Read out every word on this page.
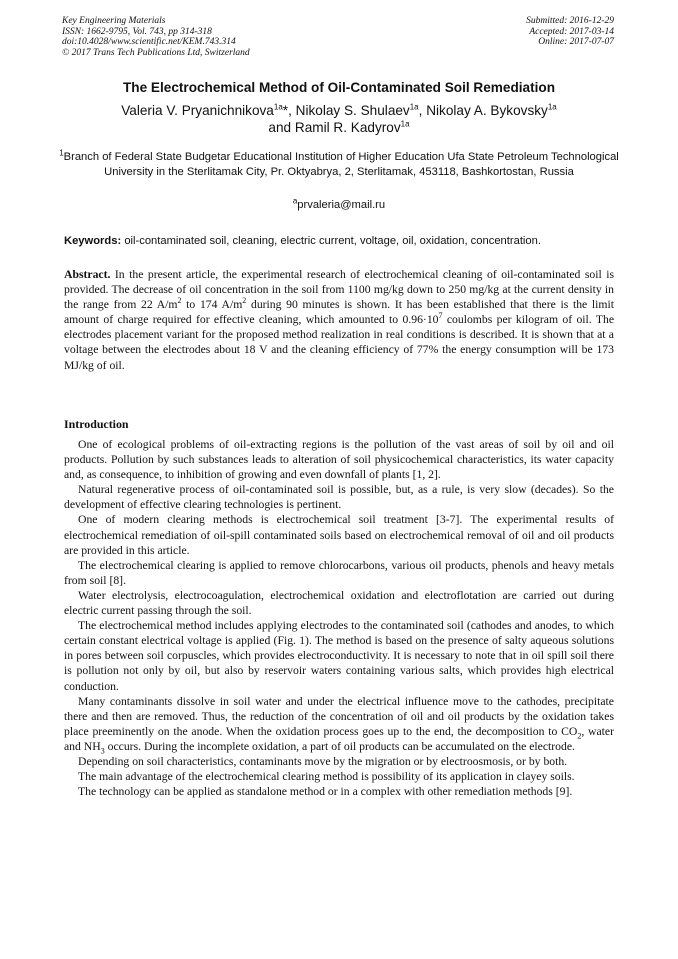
Key Engineering Materials
ISSN: 1662-9795, Vol. 743, pp 314-318
doi:10.4028/www.scientific.net/KEM.743.314
© 2017 Trans Tech Publications Ltd, Switzerland
Submitted: 2016-12-29
Accepted: 2017-03-14
Online: 2017-07-07
The Electrochemical Method of Oil-Contaminated Soil Remediation
Valeria V. Pryanichnikova$^{1a}$*, Nikolay S. Shulaev$^{1a}$, Nikolay A. Bykovsky$^{1a}$
and Ramil R. Kadyrov$^{1a}$
$^1$Branch of Federal State Budgetar Educational Institution of Higher Education Ufa State Petroleum Technological University in the Sterlitamak City, Pr. Oktyabrya, 2, Sterlitamak, 453118, Bashkortostan, Russia
$^a$prvaleria@mail.ru
Keywords: oil-contaminated soil, cleaning, electric current, voltage, oil, oxidation, concentration.
Abstract. In the present article, the experimental research of electrochemical cleaning of oil-contaminated soil is provided. The decrease of oil concentration in the soil from 1100 mg/kg down to 250 mg/kg at the current density in the range from 22 $A/m^2$ to 174 $A/m^2$ during 90 minutes is shown. It has been established that there is the limit amount of charge required for effective cleaning, which amounted to $0.96\cdot 10^7$ coulombs per kilogram of oil. The electrodes placement variant for the proposed method realization in real conditions is described. It is shown that at a voltage between the electrodes about 18 V and the cleaning efficiency of 77% the energy consumption will be 173 MJ/kg of oil.
Introduction

One of ecological problems of oil-extracting regions is the pollution of the vast areas of soil by oil and oil products. Pollution by such substances leads to alteration of soil physicochemical characteristics, its water capacity and, as consequence, to inhibition of growing and even downfall of plants [1, 2].

Natural regenerative process of oil-contaminated soil is possible, but, as a rule, is very slow (decades). So the development of effective clearing technologies is pertinent.

One of modern clearing methods is electrochemical soil treatment [3-7]. The experimental results of electrochemical remediation of oil-spill contaminated soils based on electrochemical removal of oil and oil products are provided in this article.

The electrochemical clearing is applied to remove chlorocarbons, various oil products, phenols and heavy metals from soil [8].

Water electrolysis, electrocoagulation, electrochemical oxidation and electroflotation are carried out during electric current passing through the soil.

The electrochemical method includes applying electrodes to the contaminated soil (cathodes and anodes, to which certain constant electrical voltage is applied (Fig. 1). The method is based on the presence of salty aqueous solutions in pores between soil corpuscles, which provides electroconductivity. It is necessary to note that in oil spill soil there is pollution not only by oil, but also by reservoir waters containing various salts, which provides high electrical conduction.

Many contaminants dissolve in soil water and under the electrical influence move to the cathodes, precipitate there and then are removed. Thus, the reduction of the concentration of oil and oil products by the oxidation takes place preeminently on the anode. When the oxidation process goes up to the end, the decomposition to $CO_2$, water and $NH_3$ occurs. During the incomplete oxidation, a part of oil products can be accumulated on the electrode.

Depending on soil characteristics, contaminants move by the migration or by electroosmosis, or by both.

The main advantage of the electrochemical clearing method is possibility of its application in clayey soils.

The technology can be applied as standalone method or in a complex with other remediation methods [9].
